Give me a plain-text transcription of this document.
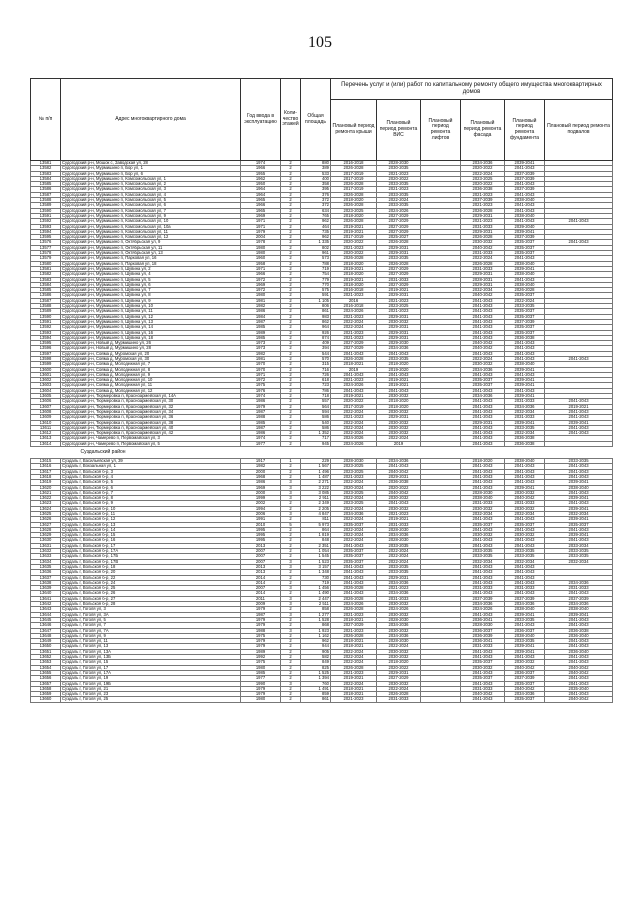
105
№ п/п	Адрес многоквартирного дома	Год ввода в эксплуатацию	Коли-чество этажей	Общая площадь	Перечень услуг и (или) работ по капитальному ремонту общего имущества многоквартирных домов					
					Плановый период ремонта крыши	Плановый период ремонта ВИС	Плановый период ремонта лифтов	Плановый период ремонта фасада	Плановый период ремонта фундамента	Плановый период ремонта подвалов
13581	Судогодский р-н, Мошок с, Заводская ул, 28	1974	2	880	2016-2018	2028-2030		2034-2036	2039-2041	
13582	Судогодский р-н, Мурмишино п, Бор ул, 1	1966	2	389	2026-2028	2030-2035		2020-2022	2041-2043	
13583	Судогодский р-н, Мурмишино п, Бор ул, 6	1955	2	533	2017-2019	2021-2023		2022-2024	2037-2039	
13584	Судогодский р-н, Мурмишино п, Комсомольская ул, 1	1962	2	400	2017-2019	2020-2022		2023-2025	2037-2039	
13585	Судогодский р-н, Мурмишино п, Комсомольская ул, 2	1950	2	358	2026-2028	2033-2035		2020-2022	2041-2043	
13586	Судогодский р-н, Мурмишино п, Комсомольская ул, 3	1964	2	395	2017-2019	2021-2023		2036-2038	2037-2039	
13587	Судогодский р-н, Мурмишино п, Комсомольская ул, 4	1964	2	376	2026-2028	2033-2035		2021-2023	2041-2043	
13588	Судогодский р-н, Мурмишино п, Комсомольская ул, 5	1965	2	372	2018-2020	2022-2024		2037-2039	2038-2040	
13589	Судогодский р-н, Мурмишино п, Комсомольская ул, 6	1966	2	372	2026-2028	2033-2035		2021-2023	2041-2043	
13590	Судогодский р-н, Мурмишино п, Комсомольская ул, 7	1965	2	634	2023-2025	2024-2026		2026-2028	2041-2043	
13591	Судогодский р-н, Мурмишино п, Комсомольская ул, 9	1969	2	765	2018-2020	2027-2029		2029-2031	2038-2040	
13592	Судогодский р-н, Мурмишино п, Комсомольская ул, 10	1971	2	962	2026-2028	2027-2029		2021-2023	2041-2043	2041-2043
13593	Судогодский р-н, Мурмишино п, Комсомольская ул, 10а	1971	2	464	2019-2021	2027-2029		2031-2033	2039-2040	
13594	Судогодский р-н, Мурмишино п, Комсомольская ул, 11	1979	2	735	2019-2021	2027-2029		2029-2031	2039-2041	
13595	Судогодский р-н, Мурмишино п, Комсомольская ул, 12	2004	2	962	2017-2019	2025-2027		2026-2028	2037-2039	
13576	Судогодский р-н, Мурмишино п, Октябрьская ул, 9	1978	2	1 335	2020-2022	2026-2028		2030-2032	2035-2037	2041-2043
13577	Судогодский р-н, Мурмишино п, Октябрьская ул, 11	1980	2	802	2021-2023	2029-2031		2040-2042	2035-2037	
13578	Судогодский р-н, Мурмишино п, Октябрьская ул, 13	1980	2	961	2020-2022	2029-2031		2031-2033	2035-2037	
13579	Судогодский р-н, Мурмишино п, Парковая ул, 16	1960	2	573	2026-2028	2033-2035		2022-2024	2041-2043	
13580	Судогодский р-н, Мурмишино п, Парковая ул, 18	1958	2	788	2018-2020	2026-2028		2026-2028	2038-2040	
13581	Судогодский р-н, Мурмишино п, Шувина ул, 2	1971	2	719	2019-2021	2027-2029		2031-2033	2039-2041	
13582	Судогодский р-н, Мурмишино п, Шувина ул, 4	1966	2	754	2018-2020	2027-2029		2029-2031	2038-2040	
13583	Судогодский р-н, Мурмишино п, Шувина ул, 5	1972	2	779	2019-2021	2031-2033		2028-2031	2041-2043	
13584	Судогодский р-н, Мурмишино п, Шувина ул, 6	1969	2	770	2018-2020	2027-2029		2029-2031	2038-2040	
13585	Судогодский р-н, Мурмишино п, Шувина ул, 7	1972	2	575	2016-2018	2019-2021		2032-2034	2026-2028	
13586	Судогодский р-н, Мурмишино п, Шувина ул, 8	1980	2	591	2021-2023	2029-2031		2040-2042	2035-2037	
13587	Судогодский р-н, Мурмишино п, Шувина ул, 9	1981	2	1 105	2016	2021-2023		2041-2043	2022-2024	
13588	Судогодский р-н, Мурмишино п, Шувина ул, 10	1982	2	806	2016-2018	2023-2025		2041-2043	2033-2035	
13589	Судогодский р-н, Мурмишино п, Шувина ул, 11	1986	2	861	2024-2026	2021-2023		2041-2043	2035-2037	
13590	Судогодский р-н, Мурмишино п, Шувина ул, 12	1984	2	983	2021-2023	2029-2031		2041-2043	2035-2037	
13591	Судогодский р-н, Мурмишино п, Шувина ул, 13	1987	2	862	2022-2024	2030-2032		2041-2043	2037-2039	
13592	Судогодский р-н, Мурмишино п, Шувина ул, 14	1985	2	964	2022-2024	2029-2031		2041-2043	2035-2037	
13593	Судогодский р-н, Мурмишино п, Шувина ул, 16	1989	2	926	2021-2023	2029-2031		2041-2043	2035-2037	
13594	Судогодский р-н, Мурмишино п, Шувина ул, 18	1985	2	874	2021-2023	2029-2031		2041-2043	2036-2038	
13595	Судогодский р-н, Новый д, Мурмишино ул, 26	1973	2	409	2027-2029	2029-2030		2040-2042	2041-2043	
13596	Судогодский р-н, Новый д, Мурмишино ул, 28	1973	2	394	2027-2029	2034-2036		2040-2042	2041-2043	
13597	Судогодский р-н, Сойма д, Муромская ул, 20	1982	2	544	2041-2043	2041-2043		2041-2043	2041-2043	
13598	Судогодский р-н, Сойма д, Муромская ул, 30	1981	2	570	2026-2028	2033-2035		2022-2024	2041-2043	2041-2043
13599	Судогодский р-н, Сойма д, Молодежная ул, 7	1970	2	315	2018-2021	2018-2020		2030-2032	2038-2040	
13600	Судогодский р-н, Сойма д, Молодежная ул, 8	1970	2	716	2019	2019-2020		2034-2036	2039-2041	
13601	Судогодский р-н, Сойма д, Молодежная ул, 9	1971	2	726	2041-2043	2041-2043		2041-2043	2041-2043	
13602	Судогодский р-н, Сойма д, Молодежная ул, 10	1972	2	618	2021-2023	2019-2021		2035-2037	2039-2041	
13603	Судогодский р-н, Сойма д, Молодежная ул, 11	1975	2	723	2024-2026	2019-2021		2035-2037	2039-2041	
13604	Судогодский р-н, Сойма д, Молодежная ул, 12	1976	2	786	2041-2043	2041-2043		2041-2043	2041-2043	
13605	Судогодский р-н, Тюрмеровка п, Красноармейская ул, 14А	1974	2	718	2019-2021	2030-2032		2034-2036	2039-2041	
13606	Судогодский р-н, Тюрмеровка п, Красноармейская ул, 30	1986	2	557	2020-2022	2018-2020		2041-2043	2031-2033	2041-2043
13607	Судогодский р-н, Тюрмеровка п, Красноармейская ул, 32	1979	2	564	2017-2019	2018-2020		2041-2043	2034-2036	2019-2021
13608	Судогодский р-н, Тюрмеровка п, Красноармейская ул, 34	1987	2	594	2022-2024	2030-2032		2041-2043	2032-2034	2041-2043
13609	Судогодский р-н, Тюрмеровка п, Красноармейская ул, 36	1988	2	586	2021-2023	2029-2031		2041-2043	2031-2033	2041-2043
13610	Судогодский р-н, Тюрмеровка п, Красноармейская ул, 38	1985	2	540	2022-2024	2030-2032		2029-2031	2039-2041	2039-2041
13611	Судогодский р-н, Тюрмеровка п, Красноармейская ул, 40	1987	2	586	2022-2024	2030-2032		2041-2043	2033-2035	2041-2043
13612	Судогодский р-н, Тюрмеровка п, Красноармейская ул, 42	1986	2	1 352	2022-2024	2030-2032		2041-2043	2032-2034	2041-2043
13613	Судогодский р-н, Чамерево п, Первомайская ул, 3	1974	2	717	2024-2026	2022-2024		2041-2043	2036-2038	
13614	Судогодский р-н, Чамерево п, Первомайская ул, 5	1977	2	945	2024-2026	2019		2041-2043	2036-2038	
Суздальский район										
13615	Суздаль г, Васильевская ул, 39	1917	1	229	2028-2030	2034-2036		2018-2020	2038-2040	2033-2035
13616	Суздаль г, Вокзальная ул, 1	1982	2	1 567	2023-2025	2041-2043		2041-2043	2041-2043	2041-2043
13617	Суздаль г, Вольскоя б-р, 3	2000	2	1 496	2023-2025	2040-2042		2041-2043	2041-2043	2041-2043
13618	Суздаль г, Вольскоя б-р, 4	1968	2	1 487	2021-2023	2029-2031		2041-2043	2041-2043	2041-2043
13619	Суздаль г, Вольскоя б-р, 5	1986	3	2 271	2022-2024	2036-2038		2041-2043	2041-2043	2039-2041
13620	Суздаль г, Вольскоя б-р, 6	1969	3	3 222	2020-2024	2020-2022		2041-2043	2039-2041	2038-2040
13621	Суздаль г, Вольскоя б-р, 7	2000	3	3 085	2023-2025	2040-2042		2028-2030	2030-2032	2041-2043
13622	Суздаль г, Вольскоя б-р, 8	1999	3	2 911	2022-2024	2030-2032		2038-2040	2040-2042	2039-2041
13623	Суздаль г, Вольскоя б-р, 9	2002	2	2 349	2023-2025	2041-2043		2031-2033	2031-2033	2041-2043
13624	Суздаль г, Вольскоя б-р, 10	1994	2	2 205	2022-2024	2030-2032		2030-2032	2030-2032	2039-2041
13625	Суздаль г, Вольскоя б-р, 11	2006	3	4 847	2034-2036	2021-2023		2032-2034	2032-2034	2032-2034
13626	Суздаль г, Вольскоя б-р, 12	1991	2	811	2022-2024	2019-2021		2041-2043	2041-2043	2039-2041
13627	Суздаль г, Вольскоя б-р, 13	2010	5	5 973	2035-2037	2031-2033		2035-2037	2035-2037	2035-2037
13628	Суздаль г, Вольскоя б-р, 14	1995	2	864	2022-2024	2028-2030		2041-2043	2041-2043	2041-2043
13629	Суздаль г, Вольскоя б-р, 15	1995	2	1 819	2022-2024	2034-2036		2030-2032	2030-2032	2039-2041
13630	Суздаль г, Вольскоя б-р, 16	1995	2	848	2022-2024	2028-2030		2041-2043	2041-2043	2041-2043
13631	Суздаль г, Вольскоя б-р, 17	2013	2	2 351	2041-2043	2033-2035		2041-2043	2041-2043	2033-2034
13632	Суздаль г, Вольскоя б-р, 17А	2007	2	1 054	2035-2037	2022-2024		2033-2035	2033-2035	2033-2035
13633	Суздаль г, Вольскоя б-р, 17Б	2007	2	1 545	2035-2037	2022-2024		2033-2035	2033-2035	2033-2035
13634	Суздаль г, Вольскоя б-р, 17В	2007	3	1 523	2035-2037	2022-2024		2032-2034	2032-2034	2032-2034
13635	Суздаль г, Вольскоя б-р, 18	2013	3	3 157	2041-2043	2033-2035		2041-2043	2041-2043	
13636	Суздаль г, Вольскоя б-р, 20	2013	2	1 348	2041-2043	2033-2035		2041-2043	2041-2043	
13637	Суздаль г, Вольскоя б-р, 22	2014	2	730	2041-2043	2029-2031		2041-2043	2041-2043	
13638	Суздаль г, Вольскоя б-р, 24	2014	2	719	2041-2043	2034-2036		2041-2043	2041-2043	2034-2036
13639	Суздаль г, Вольскоя б-р, 25	2007	3	1 456	2026-2028	2021-2023		2031-2033	2031-2033	2031-2033
13640	Суздаль г, Вольскоя б-р, 26	2014	2	1 490	2041-2043	2034-2036		2041-2043	2041-2043	2041-2043
13641	Суздаль г, Вольскоя б-р, 27	2011	3	2 447	2026-2028	2031-2033		2037-2039	2037-2039	2037-2039
13642	Суздаль г, Вольскоя б-р, 28	2009	3	2 511	2024-2026	2030-2032		2034-2036	2034-2036	2034-2036
13643	Суздаль г, Гоголя ул, 3	1979	2	858	2026-2028	2024-2026		2024-2026	2038-2040	2038-2040
13644	Суздаль г, Гоголя ул, 3А	1987	3	1 277	2021-2023	2030-2032		2041-2043	2039-2041	2039-2041
13645	Суздаль г, Гоголя ул, 5	1979	2	1 528	2018-2021	2028-2030		2036-2041	2033-2035	2041-2043
13646	Суздаль г, Гоголя ул, 7	1979	2	868	2027-2029	2034-2036		2028-2030	2041-2043	2041-2043
13647	Суздаль г, Гоголя ул, 7А	1988	3	1 923	2021-2023	2030-2032		2036-2037	2036-2037	2036-2038
13648	Суздаль г, Гоголя ул, 9	1975	2	1 162	2026-2028	2034-2036		2036-2039	2038-2040	2036-2040
13649	Суздаль г, Гоголя ул, 11	1979	2	962	2018-2021	2028-2030		2036-2041	2033-2035	2041-2043
13650	Суздаль г, Гоголя ул, 13	1979	2	944	2018-2021	2022-2024		2031-2033	2039-2041	2041-2043
13651	Суздаль г, Гоголя ул, 13А	1989	2	905	2022-2024	2030-2032		2041-2043	2039-2041	2036-2040
13652	Суздаль г, Гоголя ул, 13Б	1992	2	582	2022-2024	2030-2032		2041-2043	2041-2043	2041-2043
13653	Суздаль г, Гоголя ул, 15	1975	2	849	2022-2024	2018-2020		2035-2037	2030-2032	2041-2043
13654	Суздаль г, Гоголя ул, 17	1980	2	825	2026-2028	2020-2022		2030-2032	2040-2042	2040-2042
13655	Суздаль г, Гоголя ул, 17А	1985	2	1 525	2021-2023	2029-2031		2041-2043	2036-2037	2040-2042
13656	Суздаль г, Гоголя ул, 19	1977	2	1 394	2019-2021	2027-2029		2035-2037	2037-2039	2041-2043
13657	Суздаль г, Гоголя ул, 19Б	1990	3	760	2022-2024	2030-2032		2041-2043	2035-2037	2041-2043
13658	Суздаль г, Гоголя ул, 21	1979	2	1 491	2018-2021	2022-2024		2031-2033	2040-2042	2035-2040
13659	Суздаль г, Гоголя ул, 23	1979	2	859	2018-2021	2026-2028		2040-2042	2034-2036	2041-2043
13660	Суздаль г, Гоголя ул, 25	1980	2	861	2021-2023	2031-2033		2041-2043	2035-2037	2040-2042
